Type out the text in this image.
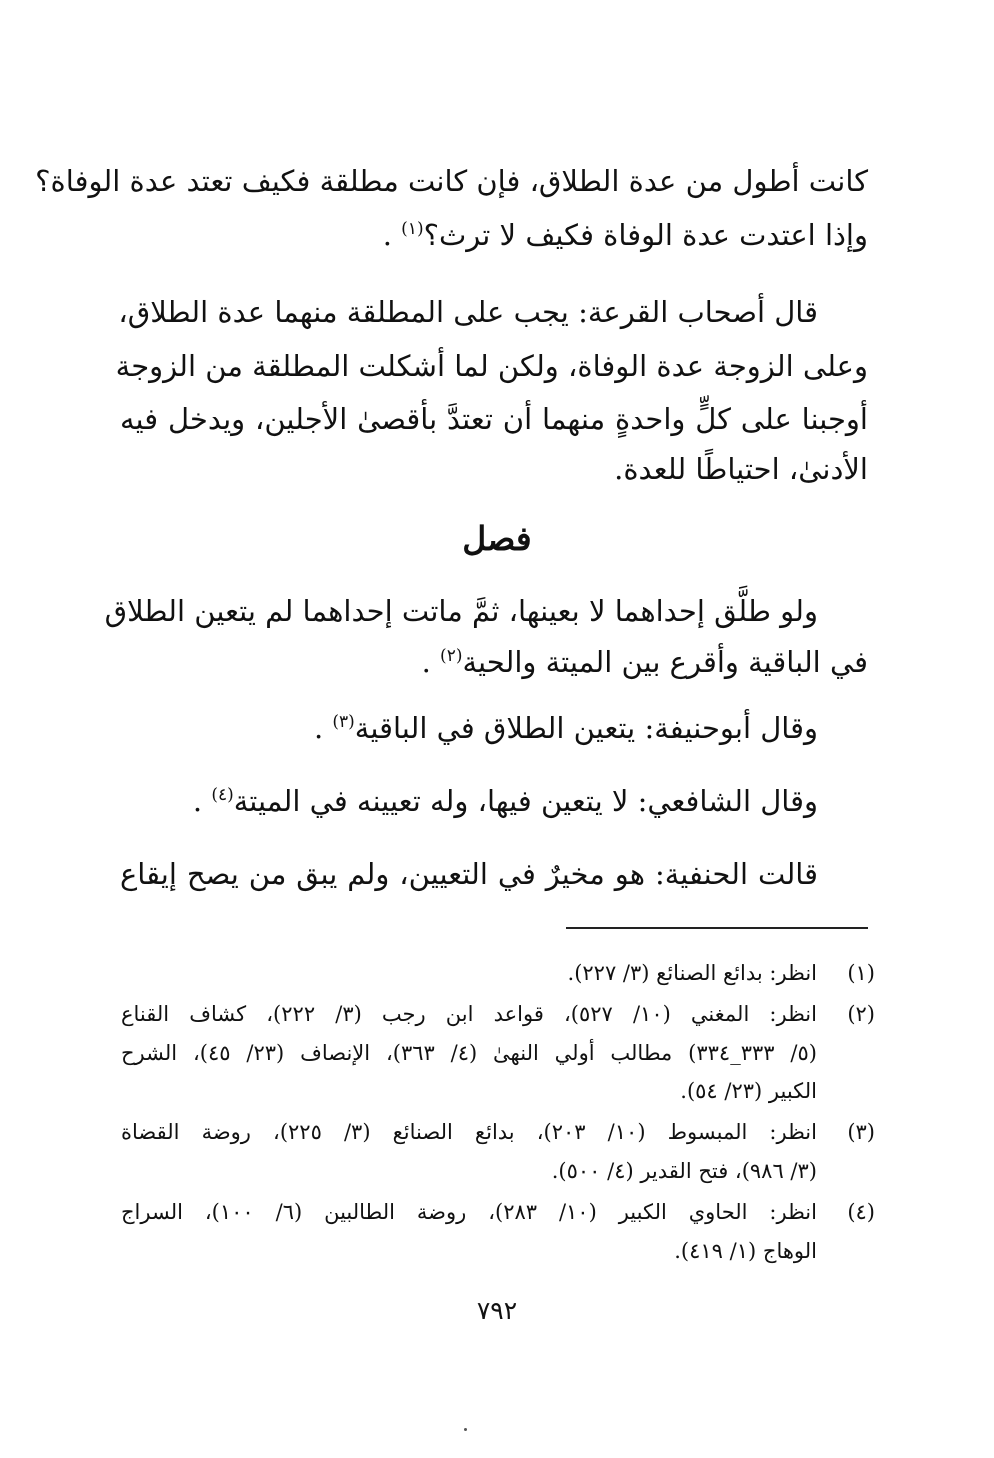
كانت أطول من عدة الطلاق، فإن كانت مطلقة فكيف تعتد عدة الوفاة؟
وإذا اعتدت عدة الوفاة فكيف لا ترث؟$^{(١)}$ .
قال أصحاب القرعة: يجب على المطلقة منهما عدة الطلاق،
وعلى الزوجة عدة الوفاة، ولكن لما أشكلت المطلقة من الزوجة
أوجبنا على كلٍّ واحدةٍ منهما أن تعتدَّ بأقصىٰ الأجلين، ويدخل فيه
الأدنىٰ، احتياطًا للعدة.
فصل
ولو طلَّق إحداهما لا بعينها، ثمَّ ماتت إحداهما لم يتعين الطلاق
في الباقية وأقرع بين الميتة والحية$^{(٢)}$ .
وقال أبوحنيفة: يتعين الطلاق في الباقية$^{(٣)}$ .
وقال الشافعي: لا يتعين فيها، وله تعيينه في الميتة$^{(٤)}$ .
قالت الحنفية: هو مخيرٌ في التعيين، ولم يبق من يصح إيقاع
(١)
انظر: بدائع الصنائع (٣/ ٢٢٧).
(٢)
انظر: المغني (١٠/ ٥٢٧)، قواعد ابن رجب (٣/ ٢٢٢)، كشاف القناع
(٥/ ٣٣٣_٣٣٤) مطالب أولي النهىٰ (٤/ ٣٦٣)، الإنصاف (٢٣/ ٤٥)، الشرح
الكبير (٢٣/ ٥٤).
(٣)
انظر: المبسوط (١٠/ ٢٠٣)، بدائع الصنائع (٣/ ٢٢٥)، روضة القضاة
(٣/ ٩٨٦)، فتح القدير (٤/ ٥٠٠).
(٤)
انظر: الحاوي الكبير (١٠/ ٢٨٣)، روضة الطالبين (٦/ ١٠٠)، السراج
الوهاج (١/ ٤١٩).
٧٩٢
